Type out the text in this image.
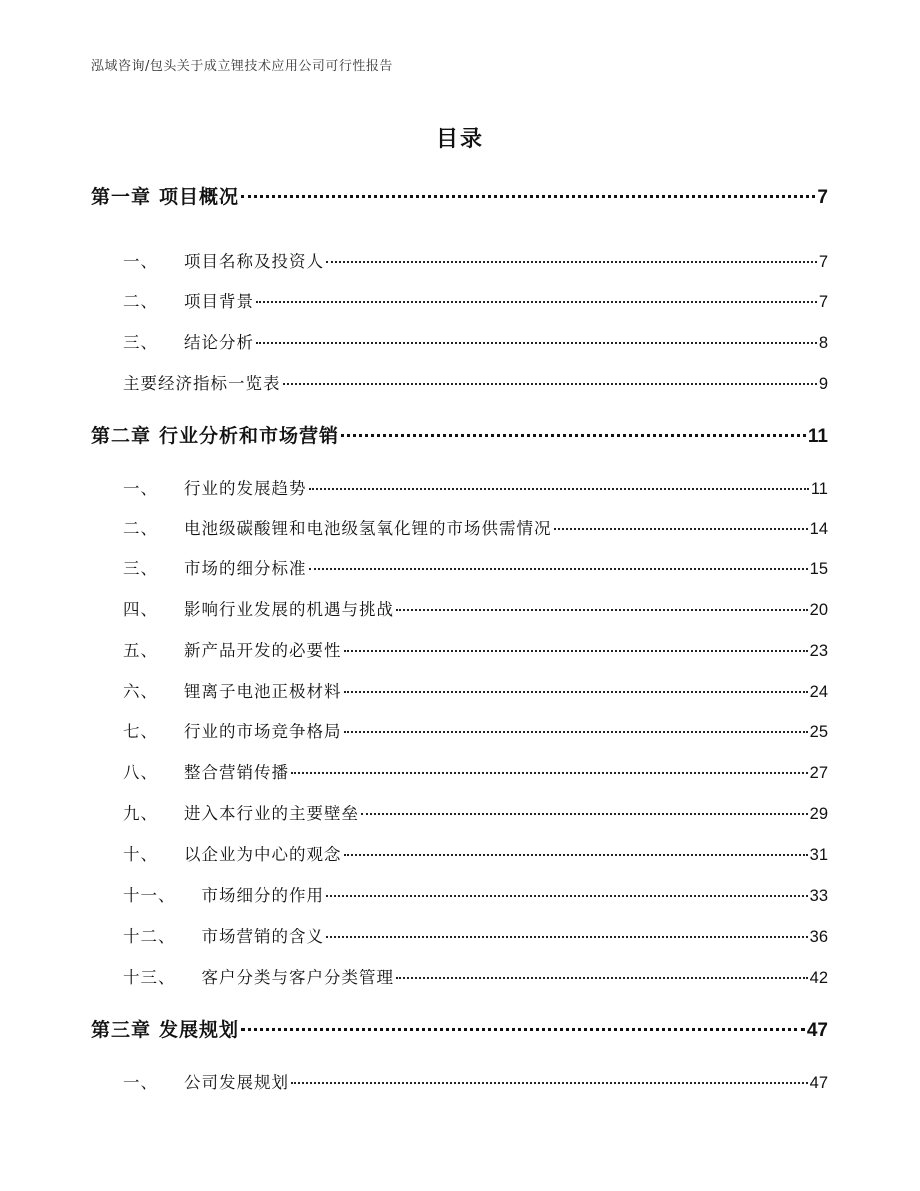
泓域咨询/包头关于成立锂技术应用公司可行性报告
目录
第一章 项目概况	7
一、 项目名称及投资人	7
二、 项目背景	7
三、 结论分析	8
主要经济指标一览表	9
第二章 行业分析和市场营销	11
一、 行业的发展趋势	11
二、 电池级碳酸锂和电池级氢氧化锂的市场供需情况	14
三、 市场的细分标准	15
四、 影响行业发展的机遇与挑战	20
五、 新产品开发的必要性	23
六、 锂离子电池正极材料	24
七、 行业的市场竞争格局	25
八、 整合营销传播	27
九、 进入本行业的主要壁垒	29
十、 以企业为中心的观念	31
十一、 市场细分的作用	33
十二、 市场营销的含义	36
十三、 客户分类与客户分类管理	42
第三章 发展规划	47
一、 公司发展规划	47
